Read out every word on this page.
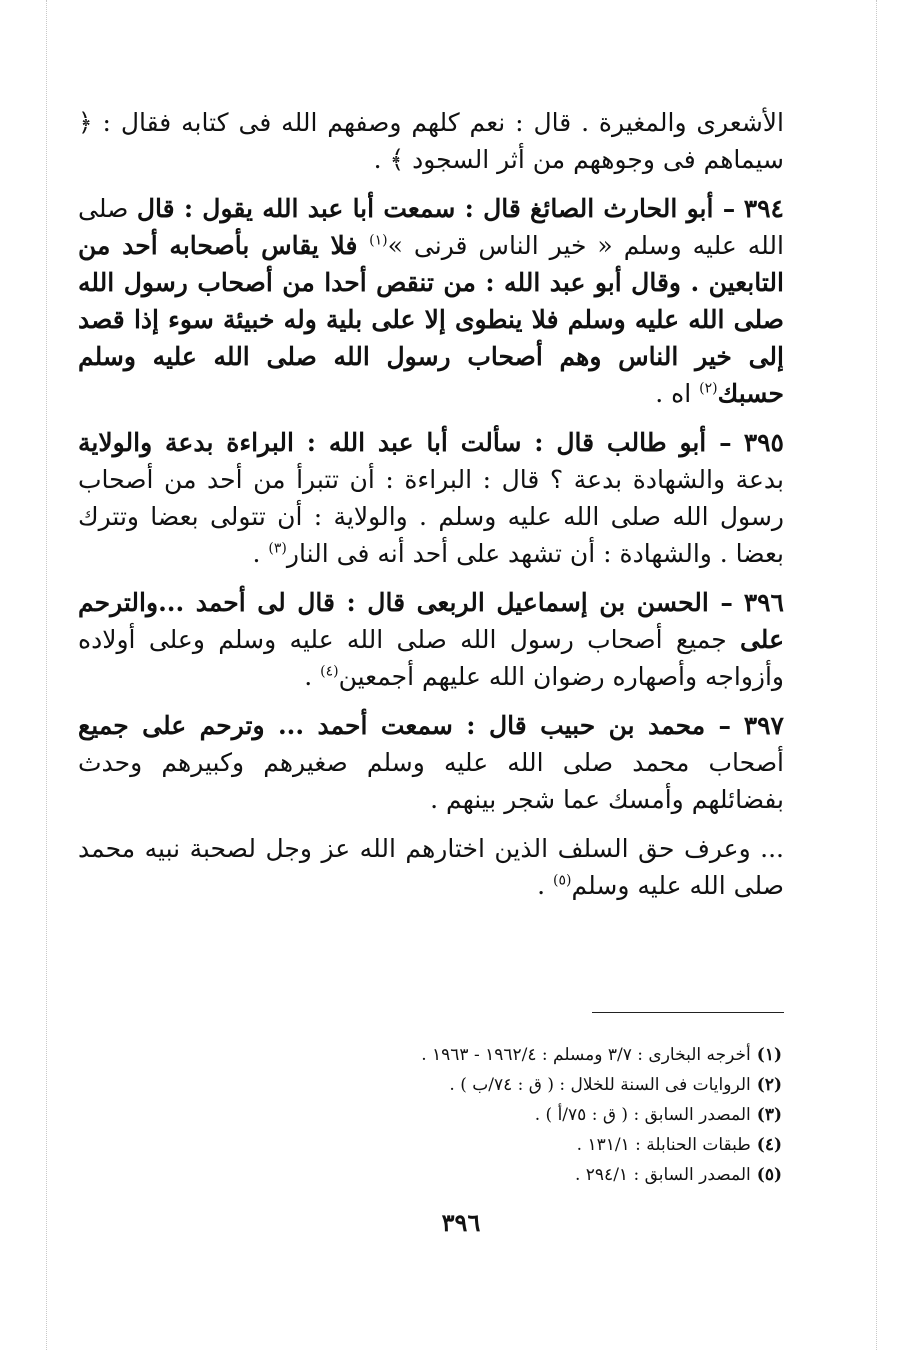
الأشعرى والمغيرة . قال : نعم كلهم وصفهم الله فى كتابه فقال : ﴿ سيماهم فى وجوههم من أثر السجود ﴾ .

٣٩٤ – أبو الحارث الصائغ قال : سمعت أبا عبد الله يقول : قال صلى الله عليه وسلم « خير الناس قرنى »$^{(١)}$ فلا يقاس بأصحابه أحد من التابعين . وقال أبو عبد الله : من تنقص أحدا من أصحاب رسول الله صلى الله عليه وسلم فلا ينطوى إلا على بلية وله خبيئة سوء إذا قصد إلى خير الناس وهم أصحاب رسول الله صلى الله عليه وسلم حسبك$^{(٢)}$ اه .

٣٩٥ – أبو طالب قال : سألت أبا عبد الله : البراءة بدعة والولاية بدعة والشهادة بدعة ؟ قال : البراءة : أن تتبرأ من أحد من أصحاب رسول الله صلى الله عليه وسلم . والولاية : أن تتولى بعضا وتترك بعضا . والشهادة : أن تشهد على أحد أنه فى النار$^{(٣)}$ .

٣٩٦ – الحسن بن إسماعيل الربعى قال : قال لى أحمد ...والترحم على جميع أصحاب رسول الله صلى الله عليه وسلم وعلى أولاده وأزواجه وأصهاره رضوان الله عليهم أجمعين$^{(٤)}$ .

٣٩٧ – محمد بن حبيب قال : سمعت أحمد ... وترحم على جميع أصحاب محمد صلى الله عليه وسلم صغيرهم وكبيرهم وحدث بفضائلهم وأمسك عما شجر بينهم .

... وعرف حق السلف الذين اختارهم الله عز وجل لصحبة نبيه محمد صلى الله عليه وسلم$^{(٥)}$ .

(١)أخرجه البخارى : ٣/٧ ومسلم : ١٩٦٢/٤ - ١٩٦٣ .
(٢)الروايات فى السنة للخلال : ( ق : ٧٤/ب ) .
(٣)المصدر السابق : ( ق : ٧٥/أ ) .
(٤)طبقات الحنابلة : ١٣١/١ .
(٥)المصدر السابق : ٢٩٤/١ .
٣٩٦
